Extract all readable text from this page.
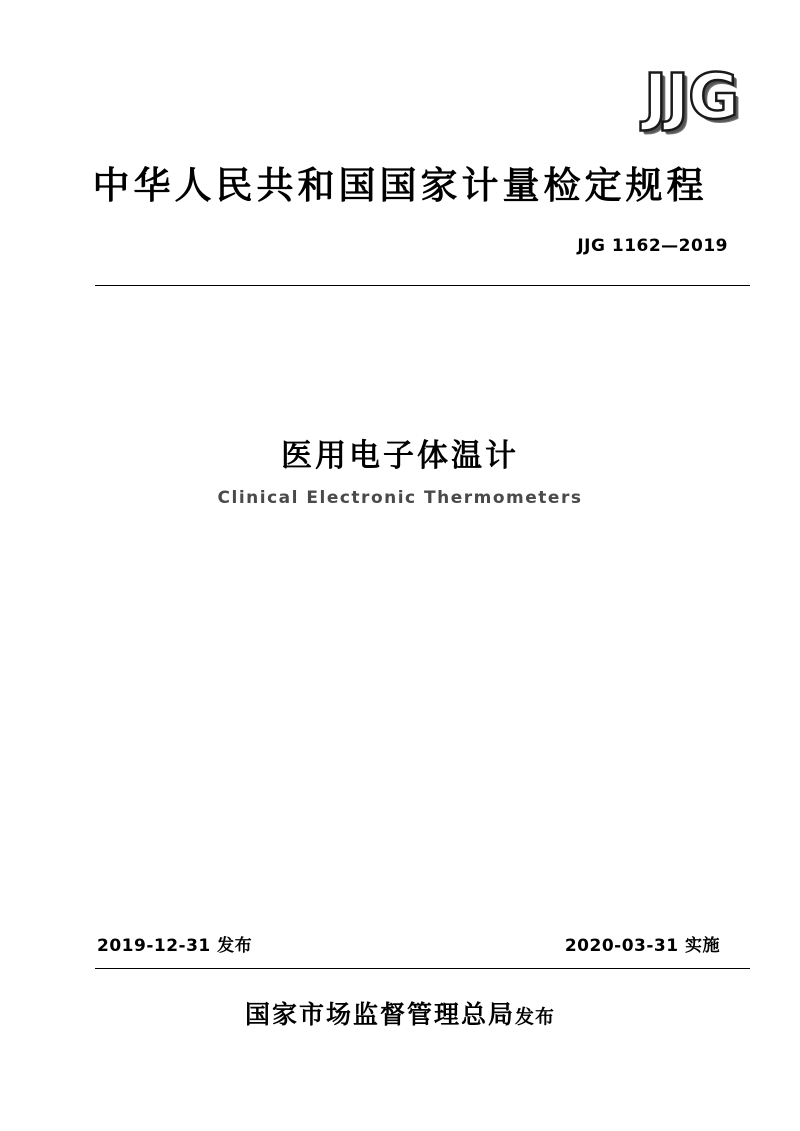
JJG
中华人民共和国国家计量检定规程
JJG 1162—2019
医用电子体温计
Clinical Electronic Thermometers
2019-12-31 发布	2020-03-31 实施
国家市场监督管理总局发布
